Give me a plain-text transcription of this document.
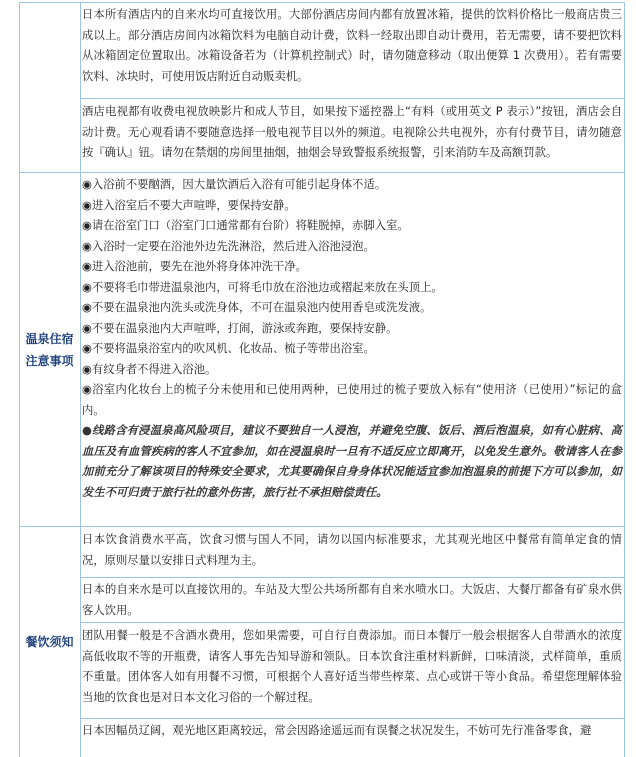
日本所有酒店内的自来水均可直接饮用。大部份酒店房间内都有放置冰箱，提供的饮料价格比一般商店贵三成以上。部分酒店房间内冰箱饮料为电脑自动计费，饮料一经取出即自动计费用，若无需要，请不要把饮料从冰箱固定位置取出。冰箱设备若为（计算机控制式）时，请勿随意移动（取出便算 1 次费用）。若有需要饮料、冰块时，可使用饭店附近自动贩卖机。

酒店电视都有收费电视放映影片和成人节目，如果按下遥控器上“有料（或用英文 P 表示）”按钮，酒店会自动计费。无心观看请不要随意选择一般电视节目以外的频道。电视除公共电视外，亦有付费节目，请勿随意按『确认』钮。请勿在禁烟的房间里抽烟，抽烟会导致警报系统报警，引来消防车及高额罚款。

温泉住宿注意事项

◉入浴前不要酗酒，因大量饮酒后入浴有可能引起身体不适。

◉进入浴室后不要大声喧哗，要保持安静。

◉请在浴室门口（浴室门口通常都有台阶）将鞋脱掉，赤脚入室。

◉入浴时一定要在浴池外边先洗淋浴，然后进入浴池浸泡。

◉进入浴池前，要先在池外将身体冲洗干净。

◉不要将毛巾带进温泉池内，可将毛巾放在浴池边或褶起来放在头顶上。

◉不要在温泉池内洗头或洗身体，不可在温泉池内使用香皂或洗发液。

◉不要在温泉池内大声喧哗，打闹，游泳或奔跑，要保持安静。

◉不要将温泉浴室内的吹风机、化妆品、梳子等带出浴室。

◉有纹身者不得进入浴池。

◉浴室内化妆台上的梳子分未使用和已使用两种，已使用过的梳子要放入标有“使用济（已使用）”标记的盒内。

●线路含有浸温泉高风险项目，建议不要独自一人浸泡，并避免空腹、饭后、酒后泡温泉，如有心脏病、高血压及有血管疾病的客人不宜参加，如在浸温泉时一旦有不适反应立即离开，以免发生意外。敬请客人在参加前充分了解该项目的特殊安全要求，尤其要确保自身身体状况能适宜参加泡温泉的前提下方可以参加，如发生不可归责于旅行社的意外伤害，旅行社不承担赔偿责任。

餐饮须知

日本饮食消费水平高，饮食习惯与国人不同，请勿以国内标准要求，尤其观光地区中餐常有简单定食的情况，原则尽量以安排日式料理为主。

日本的自来水是可以直接饮用的。车站及大型公共场所都有自来水喷水口。大饭店、大餐厅都备有矿泉水供客人饮用。

团队用餐一般是不含酒水费用，您如果需要，可自行自费添加。而日本餐厅一般会根据客人自带酒水的浓度高低收取不等的开瓶费，请客人事先告知导游和领队。日本饮食注重材料新鲜，口味清淡，式样简单，重质不重量。团体客人如有用餐不习惯，可根据个人喜好适当带些榨菜、点心或饼干等小食品。希望您理解体验当地的饮食也是对日本文化习俗的一个解过程。

日本因幅员辽阔，观光地区距离较远，常会因路途遥远而有误餐之状况发生，不妨可先行准备零食，避
